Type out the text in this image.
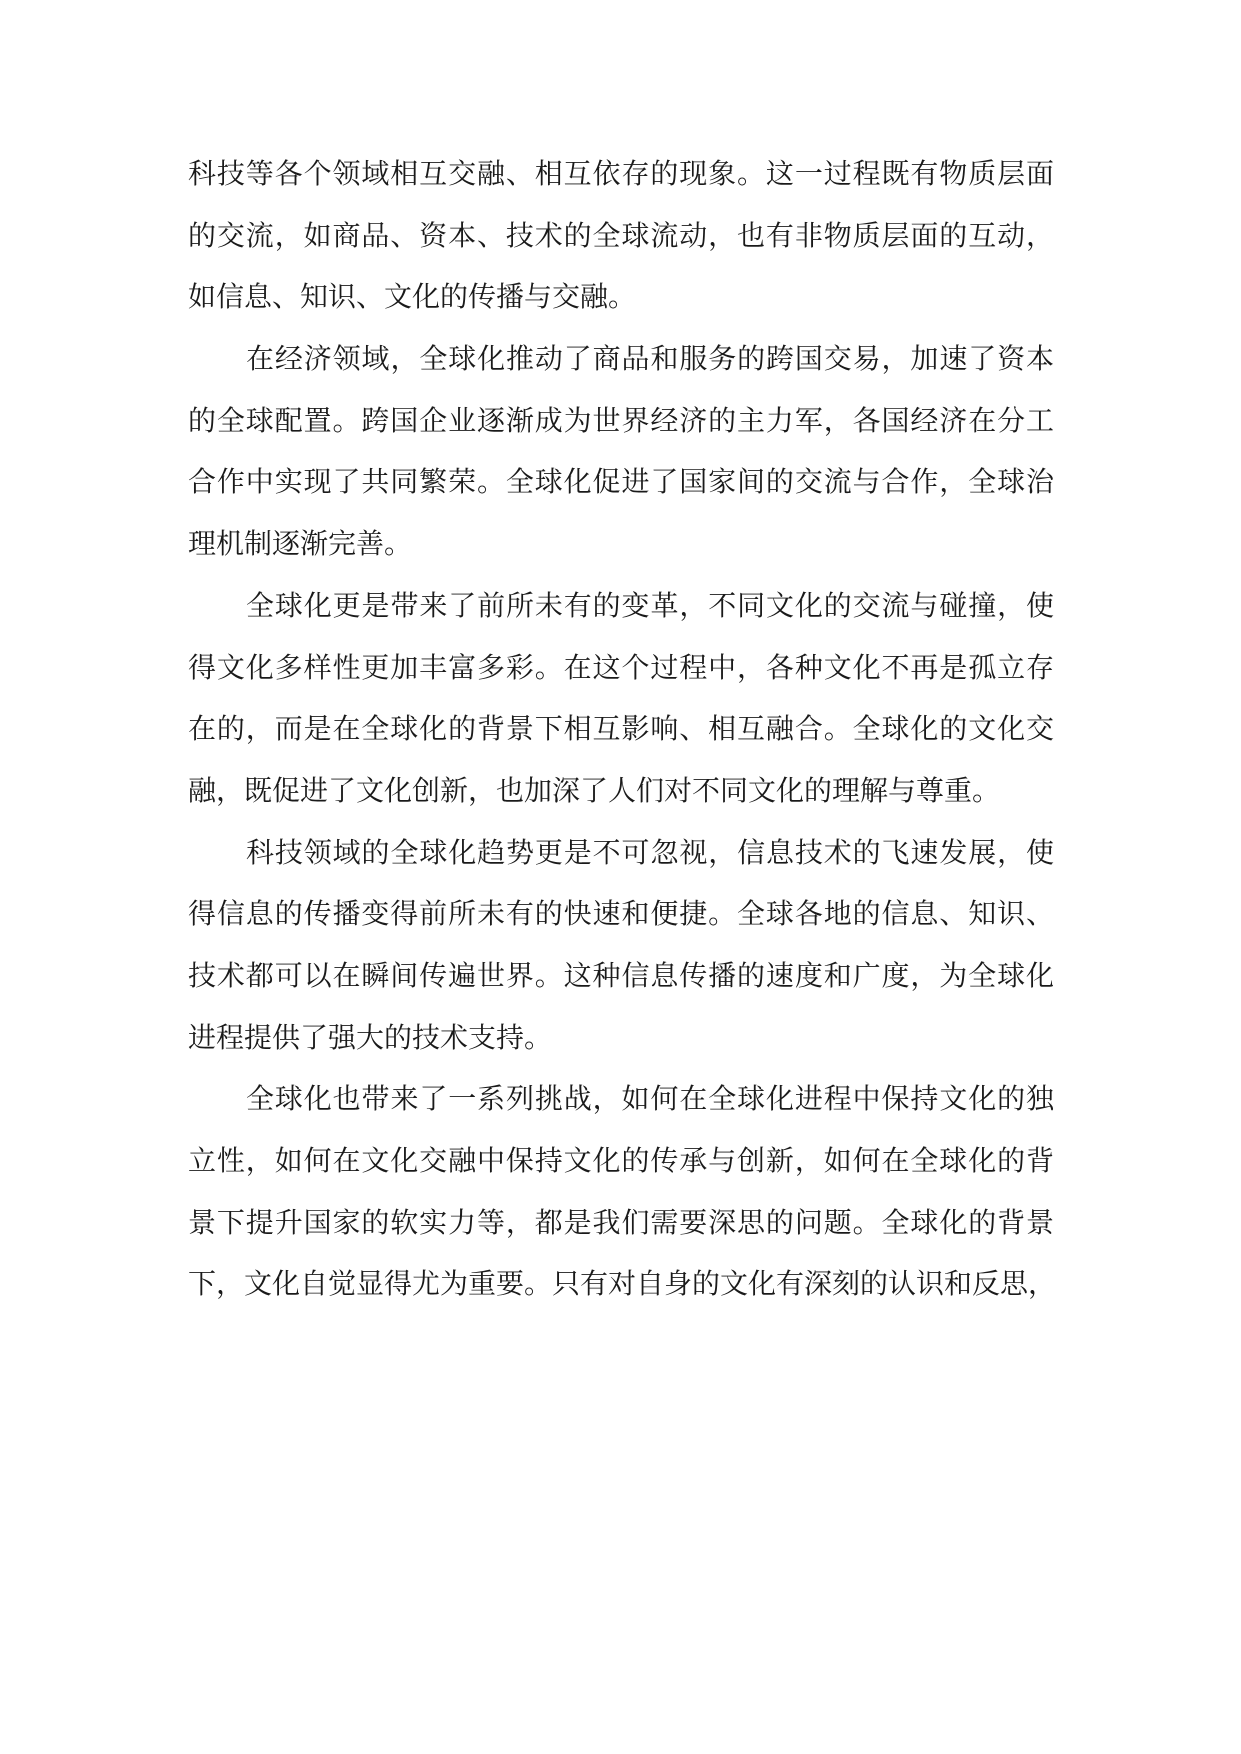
科技等各个领域相互交融、相互依存的现象。这一过程既有物质层面
的交流，如商品、资本、技术的全球流动，也有非物质层面的互动，
如信息、知识、文化的传播与交融。
在经济领域，全球化推动了商品和服务的跨国交易，加速了资本
的全球配置。跨国企业逐渐成为世界经济的主力军，各国经济在分工
合作中实现了共同繁荣。全球化促进了国家间的交流与合作，全球治
理机制逐渐完善。
全球化更是带来了前所未有的变革，不同文化的交流与碰撞，使
得文化多样性更加丰富多彩。在这个过程中，各种文化不再是孤立存
在的，而是在全球化的背景下相互影响、相互融合。全球化的文化交
融，既促进了文化创新，也加深了人们对不同文化的理解与尊重。
科技领域的全球化趋势更是不可忽视，信息技术的飞速发展，使
得信息的传播变得前所未有的快速和便捷。全球各地的信息、知识、
技术都可以在瞬间传遍世界。这种信息传播的速度和广度，为全球化
进程提供了强大的技术支持。
全球化也带来了一系列挑战，如何在全球化进程中保持文化的独
立性，如何在文化交融中保持文化的传承与创新，如何在全球化的背
景下提升国家的软实力等，都是我们需要深思的问题。全球化的背景
下，文化自觉显得尤为重要。只有对自身的文化有深刻的认识和反思，
